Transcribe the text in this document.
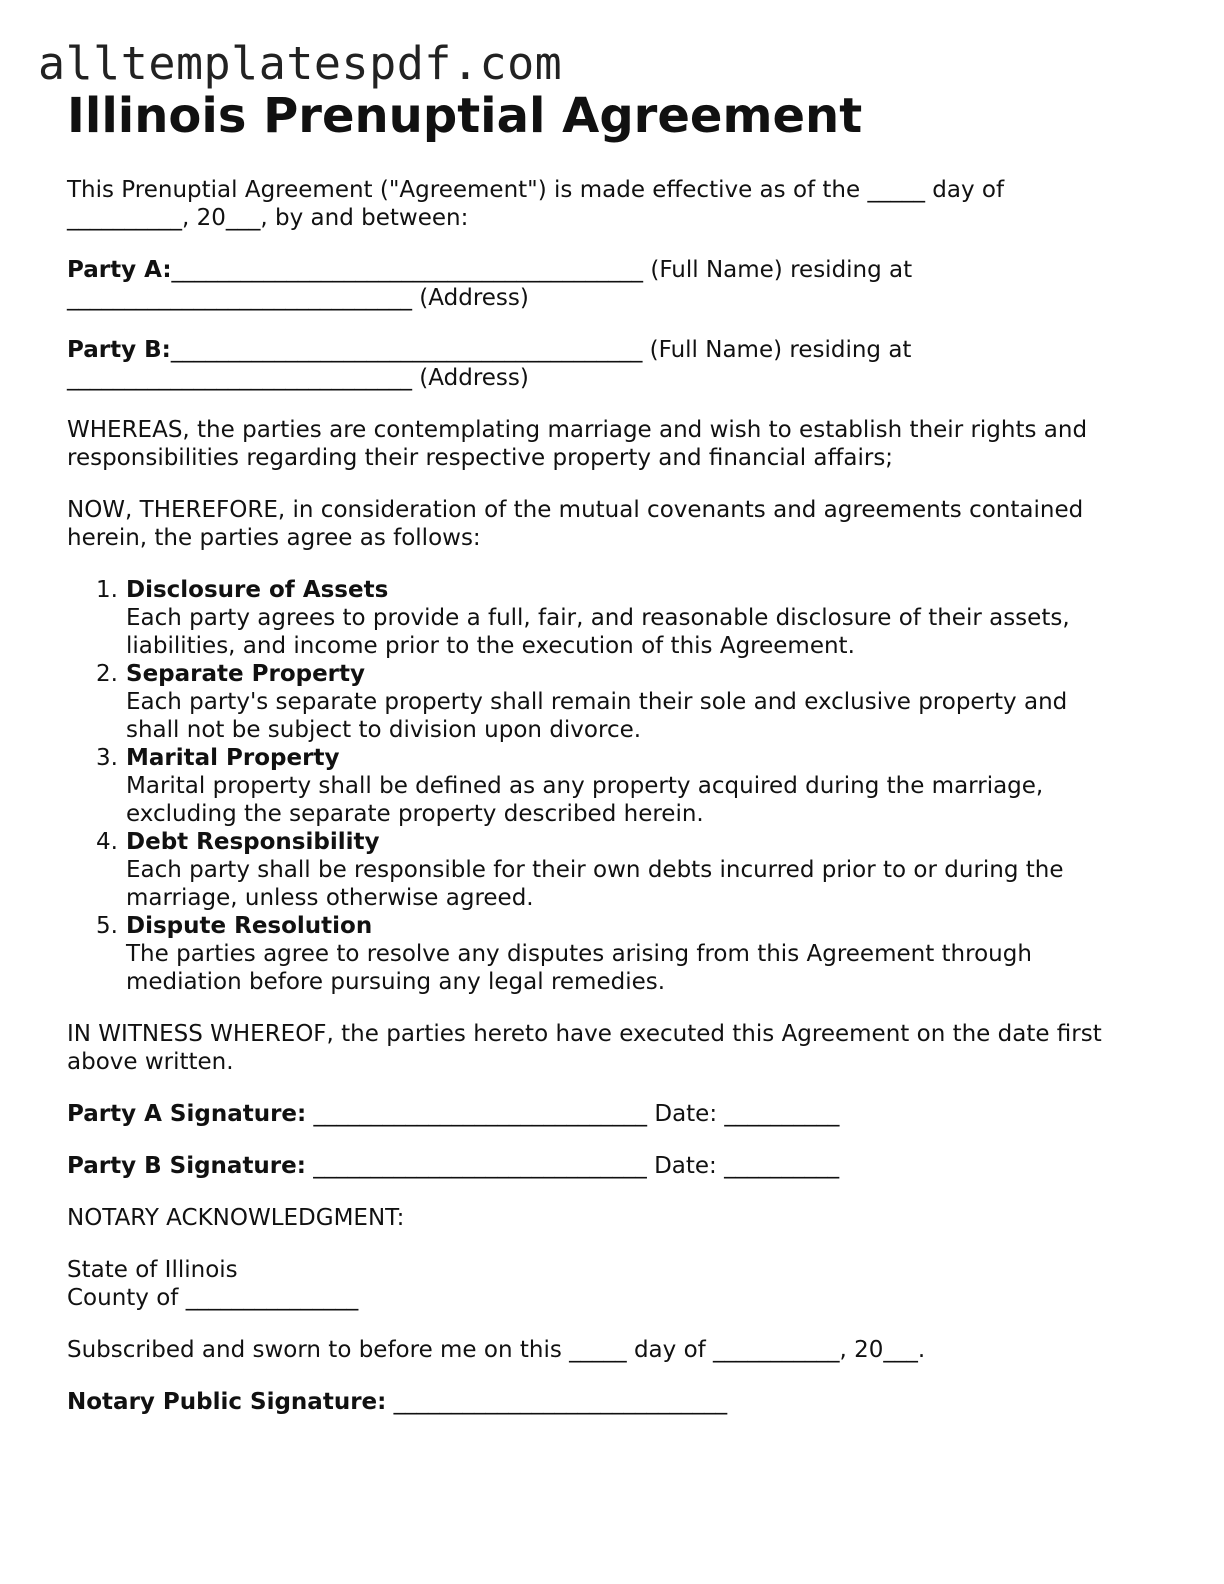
alltemplatespdf.com
Illinois Prenuptial Agreement

This Prenuptial Agreement ("Agreement") is made effective as of the _____ day of

__________, 20___, by and between:

Party A:_________________________________________ (Full Name) residing at

______________________________ (Address)

Party B:_________________________________________ (Full Name) residing at

______________________________ (Address)

WHEREAS, the parties are contemplating marriage and wish to establish their rights and

responsibilities regarding their respective property and financial affairs;

NOW, THEREFORE, in consideration of the mutual covenants and agreements contained

herein, the parties agree as follows:

1. Disclosure of Assets
Each party agrees to provide a full, fair, and reasonable disclosure of their assets,
liabilities, and income prior to the execution of this Agreement.
2. Separate Property
Each party's separate property shall remain their sole and exclusive property and
shall not be subject to division upon divorce.
3. Marital Property
Marital property shall be defined as any property acquired during the marriage,
excluding the separate property described herein.
4. Debt Responsibility
Each party shall be responsible for their own debts incurred prior to or during the
marriage, unless otherwise agreed.
5. Dispute Resolution
The parties agree to resolve any disputes arising from this Agreement through
mediation before pursuing any legal remedies.

IN WITNESS WHEREOF, the parties hereto have executed this Agreement on the date first

above written.

Party A Signature: _____________________________ Date: __________

Party B Signature: _____________________________ Date: __________

NOTARY ACKNOWLEDGMENT:

State of Illinois

County of _______________

Subscribed and sworn to before me on this _____ day of ___________, 20___.

Notary Public Signature: _____________________________
